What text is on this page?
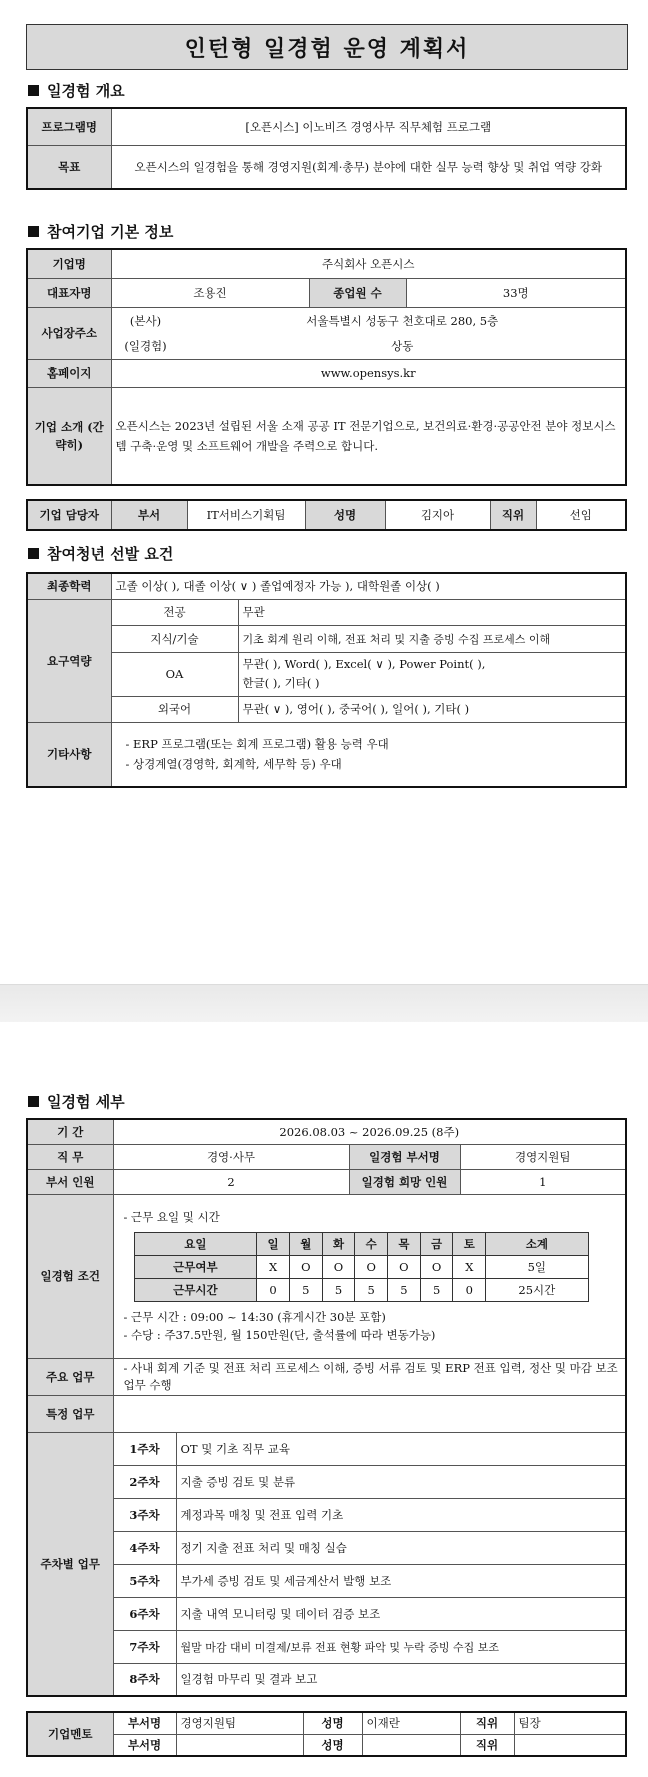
인턴형 일경험 운영 계획서
일경험 개요
프로그램명	[오픈시스] 이노비즈 경영사무 직무체험 프로그램
목표	오픈시스의 일경험을 통해 경영지원(회계·총무) 분야에 대한 실무 능력 향상 및 취업 역량 강화
참여기업 기본 정보
기업명	주식회사 오픈시스
대표자명	조용진	종업원 수	33명
사업장주소	
(본사)	서울특별시 성동구 천호대로 280, 5층
(일경험)	상동

홈페이지	www.opensys.kr
기업 소개 (간략히)	오픈시스는 2023년 설립된 서울 소재 공공 IT 전문기업으로, 보건의료·환경·공공안전 분야 정보시스템 구축·운영 및 소프트웨어 개발을 주력으로 합니다.
기업 담당자	부서	IT서비스기획팀	성명	김지아	직위	선임
참여청년 선발 요건
최종학력	고졸 이상( ), 대졸 이상( ∨ ) 졸업예정자 가능 ), 대학원졸 이상( )	
요구역량	전공	무관
	지식/기술	기초 회계 원리 이해, 전표 처리 및 지출 증빙 수집 프로세스 이해
	OA	무관( ), Word( ), Excel( ∨ ), Power Point( ),
한글( ), 기타( )

	외국어	무관( ∨ ), 영어( ), 중국어( ), 일어( ), 기타( )
기타사항	- ERP 프로그램(또는 회계 프로그램) 활용 능력 우대
- 상경계열(경영학, 회계학, 세무학 등) 우대	
일경험 세부
기 간	2026.08.03 ~ 2026.09.25 (8주)
직 무	경영·사무	일경험 부서명	경영지원팀
부서 인원	2	일경험 희망 인원	1
일경험 조건	
- 근무 요일 및 시간
요일	일	월	화	수	목	금	토	소계
근무여부	X	O	O	O	O	O	X	5일
근무시간	0	5	5	5	5	5	0	25시간
- 근무 시간 : 09:00 ~ 14:30 (휴게시간 30분 포함)
- 수당 : 주37.5만원, 월 150만원(단, 출석률에 따라 변동가능)

주요 업무	- 사내 회계 기준 및 전표 처리 프로세스 이해, 증빙 서류 검토 및 ERP 전표 입력, 정산 및 마감 보조 업무 수행
특정 업무	
주차별 업무	1주차	OT 및 기초 직무 교육
2주차	지출 증빙 검토 및 분류
3주차	계정과목 매칭 및 전표 입력 기초
4주차	정기 지출 전표 처리 및 매칭 실습
5주차	부가세 증빙 검토 및 세금계산서 발행 보조
6주차	지출 내역 모니터링 및 데이터 검증 보조
7주차	월말 마감 대비 미결제/보류 전표 현황 파악 및 누락 증빙 수집 보조
8주차	일경험 마무리 및 결과 보고
기업멘토	부서명	경영지원팀	성명	이재란	직위	팀장
	부서명		성명		직위	
